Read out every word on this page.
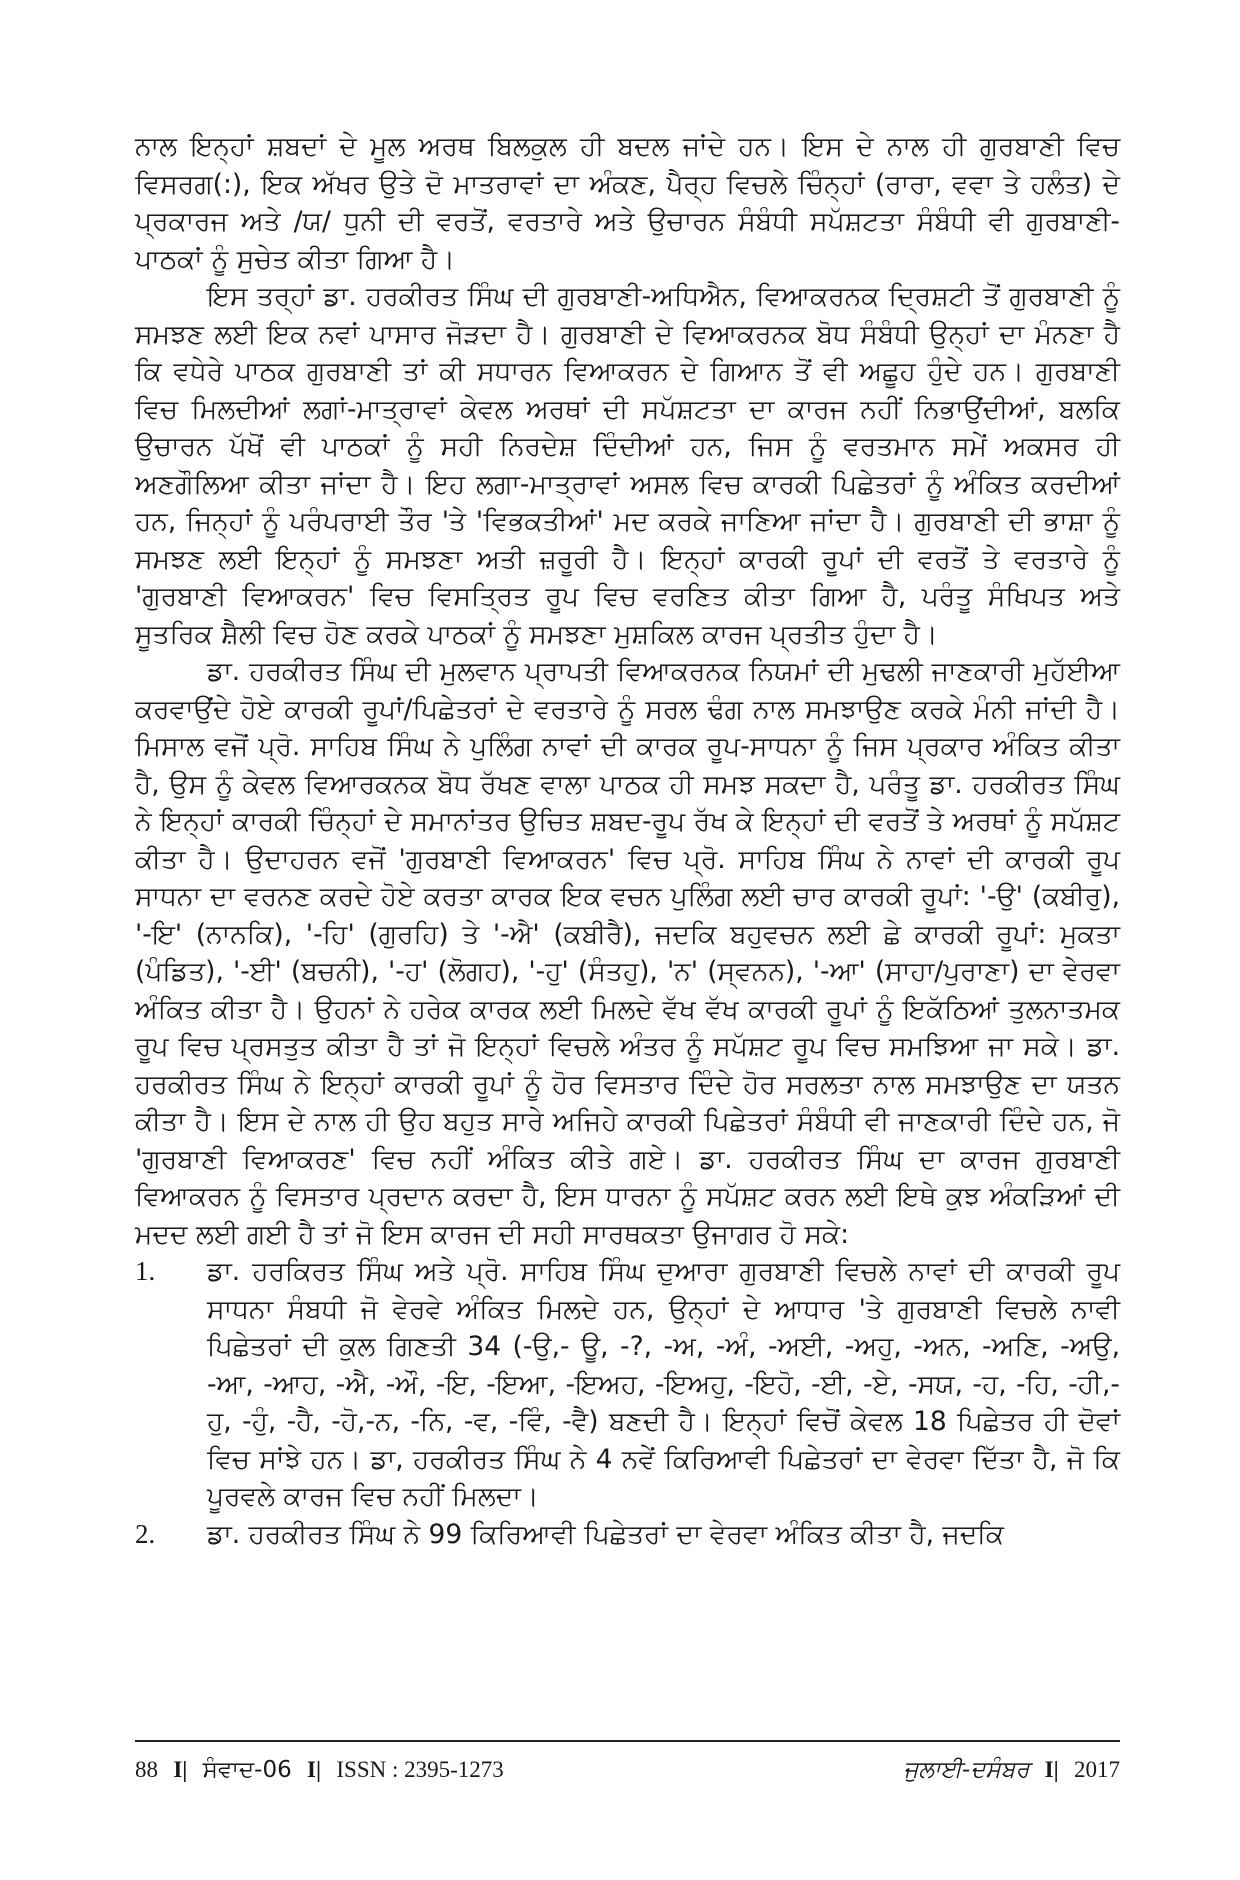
ਨਾਲ ਇਨ੍ਹਾਂ ਸ਼ਬਦਾਂ ਦੇ ਮੂਲ ਅਰਥ ਬਿਲਕੁਲ ਹੀ ਬਦਲ ਜਾਂਦੇ ਹਨ। ਇਸ ਦੇ ਨਾਲ ਹੀ ਗੁਰਬਾਣੀ ਵਿਚ ਵਿਸਰਗ(:), ਇਕ ਅੱਖਰ ਉਤੇ ਦੋ ਮਾਤਰਾਵਾਂ ਦਾ ਅੰਕਣ, ਪੈਰ੍ਹ ਵਿਚਲੇ ਚਿੰਨ੍ਹਾਂ (ਰਾਰਾ, ਵਵਾ ਤੇ ਹਲੰਤ) ਦੇ ਪ੍ਰਕਾਰਜ ਅਤੇ /ਯ/ ਧੁਨੀ ਦੀ ਵਰਤੋਂ, ਵਰਤਾਰੇ ਅਤੇ ਉਚਾਰਨ ਸੰਬੰਧੀ ਸਪੱਸ਼ਟਤਾ ਸੰਬੰਧੀ ਵੀ ਗੁਰਬਾਣੀ-ਪਾਠਕਾਂ ਨੂੰ ਸੁਚੇਤ ਕੀਤਾ ਗਿਆ ਹੈ।

ਇਸ ਤਰ੍ਹਾਂ ਡਾ. ਹਰਕੀਰਤ ਸਿੰਘ ਦੀ ਗੁਰਬਾਣੀ-ਅਧਿਐਨ, ਵਿਆਕਰਨਕ ਦ੍ਰਿਸ਼ਟੀ ਤੋਂ ਗੁਰਬਾਣੀ ਨੂੰ ਸਮਝਣ ਲਈ ਇਕ ਨਵਾਂ ਪਾਸਾਰ ਜੋੜਦਾ ਹੈ। ਗੁਰਬਾਣੀ ਦੇ ਵਿਆਕਰਨਕ ਬੋਧ ਸੰਬੰਧੀ ਉਨ੍ਹਾਂ ਦਾ ਮੰਨਣਾ ਹੈ ਕਿ ਵਧੇਰੇ ਪਾਠਕ ਗੁਰਬਾਣੀ ਤਾਂ ਕੀ ਸਧਾਰਨ ਵਿਆਕਰਨ ਦੇ ਗਿਆਨ ਤੋਂ ਵੀ ਅਛੂਹ ਹੁੰਦੇ ਹਨ। ਗੁਰਬਾਣੀ ਵਿਚ ਮਿਲਦੀਆਂ ਲਗਾਂ-ਮਾਤ੍ਰਾਵਾਂ ਕੇਵਲ ਅਰਥਾਂ ਦੀ ਸਪੱਸ਼ਟਤਾ ਦਾ ਕਾਰਜ ਨਹੀਂ ਨਿਭਾਉਂਦੀਆਂ, ਬਲਕਿ ਉਚਾਰਨ ਪੱਖੋਂ ਵੀ ਪਾਠਕਾਂ ਨੂੰ ਸਹੀ ਨਿਰਦੇਸ਼ ਦਿੰਦੀਆਂ ਹਨ, ਜਿਸ ਨੂੰ ਵਰਤਮਾਨ ਸਮੇਂ ਅਕਸਰ ਹੀ ਅਣਗੌਲਿਆ ਕੀਤਾ ਜਾਂਦਾ ਹੈ। ਇਹ ਲਗਾ-ਮਾਤ੍ਰਾਵਾਂ ਅਸਲ ਵਿਚ ਕਾਰਕੀ ਪਿਛੇਤਰਾਂ ਨੂੰ ਅੰਕਿਤ ਕਰਦੀਆਂ ਹਨ, ਜਿਨ੍ਹਾਂ ਨੂੰ ਪਰੰਪਰਾਈ ਤੌਰ 'ਤੇ 'ਵਿਭਕਤੀਆਂ' ਮਦ ਕਰਕੇ ਜਾਣਿਆ ਜਾਂਦਾ ਹੈ। ਗੁਰਬਾਣੀ ਦੀ ਭਾਸ਼ਾ ਨੂੰ ਸਮਝਣ ਲਈ ਇਨ੍ਹਾਂ ਨੂੰ ਸਮਝਣਾ ਅਤੀ ਜ਼ਰੂਰੀ ਹੈ। ਇਨ੍ਹਾਂ ਕਾਰਕੀ ਰੂਪਾਂ ਦੀ ਵਰਤੋਂ ਤੇ ਵਰਤਾਰੇ ਨੂੰ 'ਗੁਰਬਾਣੀ ਵਿਆਕਰਨ' ਵਿਚ ਵਿਸਤ੍ਰਿਤ ਰੂਪ ਵਿਚ ਵਰਣਿਤ ਕੀਤਾ ਗਿਆ ਹੈ, ਪਰੰਤੂ ਸੰਖਿਪਤ ਅਤੇ ਸੂਤਰਿਕ ਸ਼ੈਲੀ ਵਿਚ ਹੋਣ ਕਰਕੇ ਪਾਠਕਾਂ ਨੂੰ ਸਮਝਣਾ ਮੁਸ਼ਕਿਲ ਕਾਰਜ ਪ੍ਰਤੀਤ ਹੁੰਦਾ ਹੈ।

ਡਾ. ਹਰਕੀਰਤ ਸਿੰਘ ਦੀ ਮੁਲਵਾਨ ਪ੍ਰਾਪਤੀ ਵਿਆਕਰਨਕ ਨਿਯਮਾਂ ਦੀ ਮੁਢਲੀ ਜਾਣਕਾਰੀ ਮੁਹੱਈਆ ਕਰਵਾਉਂਦੇ ਹੋਏ ਕਾਰਕੀ ਰੂਪਾਂ/ਪਿਛੇਤਰਾਂ ਦੇ ਵਰਤਾਰੇ ਨੂੰ ਸਰਲ ਢੰਗ ਨਾਲ ਸਮਝਾਉਣ ਕਰਕੇ ਮੰਨੀ ਜਾਂਦੀ ਹੈ। ਮਿਸਾਲ ਵਜੋਂ ਪ੍ਰੋ. ਸਾਹਿਬ ਸਿੰਘ ਨੇ ਪੁਲਿੰਗ ਨਾਵਾਂ ਦੀ ਕਾਰਕ ਰੂਪ-ਸਾਧਨਾ ਨੂੰ ਜਿਸ ਪ੍ਰਕਾਰ ਅੰਕਿਤ ਕੀਤਾ ਹੈ, ਉਸ ਨੂੰ ਕੇਵਲ ਵਿਆਰਕਨਕ ਬੋਧ ਰੱਖਣ ਵਾਲਾ ਪਾਠਕ ਹੀ ਸਮਝ ਸਕਦਾ ਹੈ, ਪਰੰਤੂ ਡਾ. ਹਰਕੀਰਤ ਸਿੰਘ ਨੇ ਇਨ੍ਹਾਂ ਕਾਰਕੀ ਚਿੰਨ੍ਹਾਂ ਦੇ ਸਮਾਨਾਂਤਰ ਉਚਿਤ ਸ਼ਬਦ-ਰੂਪ ਰੱਖ ਕੇ ਇਨ੍ਹਾਂ ਦੀ ਵਰਤੋਂ ਤੇ ਅਰਥਾਂ ਨੂੰ ਸਪੱਸ਼ਟ ਕੀਤਾ ਹੈ। ਉਦਾਹਰਨ ਵਜੋਂ 'ਗੁਰਬਾਣੀ ਵਿਆਕਰਨ' ਵਿਚ ਪ੍ਰੋ. ਸਾਹਿਬ ਸਿੰਘ ਨੇ ਨਾਵਾਂ ਦੀ ਕਾਰਕੀ ਰੂਪ ਸਾਧਨਾ ਦਾ ਵਰਨਣ ਕਰਦੇ ਹੋਏ ਕਰਤਾ ਕਾਰਕ ਇਕ ਵਚਨ ਪੁਲਿੰਗ ਲਈ ਚਾਰ ਕਾਰਕੀ ਰੂਪਾਂ: '-ਉ' (ਕਬੀਰੁ), '-ਇ' (ਨਾਨਕਿ), '-ਹਿ' (ਗੁਰਹਿ) ਤੇ '-ਐ' (ਕਬੀਰੈ), ਜਦਕਿ ਬਹੁਵਚਨ ਲਈ ਛੇ ਕਾਰਕੀ ਰੂਪਾਂ: ਮੁਕਤਾ (ਪੰਡਿਤ), '-ਈ' (ਬਚਨੀ), '-ਹ' (ਲੋਗਹ), '-ਹੁ' (ਸੰਤਹੁ), 'ਨ' (ਸ੍ਵਨਨ), '-ਆ' (ਸਾਹਾ/ਪੁਰਾਣਾ) ਦਾ ਵੇਰਵਾ ਅੰਕਿਤ ਕੀਤਾ ਹੈ। ਉਹਨਾਂ ਨੇ ਹਰੇਕ ਕਾਰਕ ਲਈ ਮਿਲਦੇ ਵੱਖ ਵੱਖ ਕਾਰਕੀ ਰੂਪਾਂ ਨੂੰ ਇਕੱਠਿਆਂ ਤੁਲਨਾਤਮਕ ਰੂਪ ਵਿਚ ਪ੍ਰਸਤੁਤ ਕੀਤਾ ਹੈ ਤਾਂ ਜੋ ਇਨ੍ਹਾਂ ਵਿਚਲੇ ਅੰਤਰ ਨੂੰ ਸਪੱਸ਼ਟ ਰੂਪ ਵਿਚ ਸਮਝਿਆ ਜਾ ਸਕੇ। ਡਾ. ਹਰਕੀਰਤ ਸਿੰਘ ਨੇ ਇਨ੍ਹਾਂ ਕਾਰਕੀ ਰੂਪਾਂ ਨੂੰ ਹੋਰ ਵਿਸਤਾਰ ਦਿੰਦੇ ਹੋਰ ਸਰਲਤਾ ਨਾਲ ਸਮਝਾਉਣ ਦਾ ਯਤਨ ਕੀਤਾ ਹੈ। ਇਸ ਦੇ ਨਾਲ ਹੀ ਉਹ ਬਹੁਤ ਸਾਰੇ ਅਜਿਹੇ ਕਾਰਕੀ ਪਿਛੇਤਰਾਂ ਸੰਬੰਧੀ ਵੀ ਜਾਣਕਾਰੀ ਦਿੰਦੇ ਹਨ, ਜੋ 'ਗੁਰਬਾਣੀ ਵਿਆਕਰਣ' ਵਿਚ ਨਹੀਂ ਅੰਕਿਤ ਕੀਤੇ ਗਏ। ਡਾ. ਹਰਕੀਰਤ ਸਿੰਘ ਦਾ ਕਾਰਜ ਗੁਰਬਾਣੀ ਵਿਆਕਰਨ ਨੂੰ ਵਿਸਤਾਰ ਪ੍ਰਦਾਨ ਕਰਦਾ ਹੈ, ਇਸ ਧਾਰਨਾ ਨੂੰ ਸਪੱਸ਼ਟ ਕਰਨ ਲਈ ਇਥੇ ਕੁਝ ਅੰਕੜਿਆਂ ਦੀ ਮਦਦ ਲਈ ਗਈ ਹੈ ਤਾਂ ਜੋ ਇਸ ਕਾਰਜ ਦੀ ਸਹੀ ਸਾਰਥਕਤਾ ਉਜਾਗਰ ਹੋ ਸਕੇ:

1. ਡਾ. ਹਰਕਿਰਤ ਸਿੰਘ ਅਤੇ ਪ੍ਰੋ. ਸਾਹਿਬ ਸਿੰਘ ਦੁਆਰਾ ਗੁਰਬਾਣੀ ਵਿਚਲੇ ਨਾਵਾਂ ਦੀ ਕਾਰਕੀ ਰੂਪ ਸਾਧਨਾ ਸੰਬਧੀ ਜੋ ਵੇਰਵੇ ਅੰਕਿਤ ਮਿਲਦੇ ਹਨ, ਉਨ੍ਹਾਂ ਦੇ ਆਧਾਰ 'ਤੇ ਗੁਰਬਾਣੀ ਵਿਚਲੇ ਨਾਵੀ ਪਿਛੇਤਰਾਂ ਦੀ ਕੁਲ ਗਿਣਤੀ 34 (-ਉ,- ਊ, -?, -ਅ, -ਅੰ, -ਅਈ, -ਅਹੁ, -ਅਨ, -ਅਣਿ, -ਅਉ, -ਆ, -ਆਹ, -ਐ, -ਔ, -ਇ, -ਇਆ, -ਇਅਹ, -ਇਅਹੁ, -ਇਹੋ, -ਈ, -ਏ, -ਸਯ, -ਹ, -ਹਿ, -ਹੀ,-ਹੁ, -ਹੁੰ, -ਹੈ, -ਹੋ,-ਨ, -ਨਿ, -ਵ, -ਵਿੰ, -ਵੈ) ਬਣਦੀ ਹੈ। ਇਨ੍ਹਾਂ ਵਿਚੋਂ ਕੇਵਲ 18 ਪਿਛੇਤਰ ਹੀ ਦੋਵਾਂ ਵਿਚ ਸਾਂਝੇ ਹਨ। ਡਾ, ਹਰਕੀਰਤ ਸਿੰਘ ਨੇ 4 ਨਵੇਂ ਕਿਰਿਆਵੀ ਪਿਛੇਤਰਾਂ ਦਾ ਵੇਰਵਾ ਦਿੱਤਾ ਹੈ, ਜੋ ਕਿ ਪੂਰਵਲੇ ਕਾਰਜ ਵਿਚ ਨਹੀਂ ਮਿਲਦਾ।
2. ਡਾ. ਹਰਕੀਰਤ ਸਿੰਘ ਨੇ 99 ਕਿਰਿਆਵੀ ਪਿਛੇਤਰਾਂ ਦਾ ਵੇਰਵਾ ਅੰਕਿਤ ਕੀਤਾ ਹੈ, ਜਦਕਿ
88 I| ਸੰਵਾਦ-06 I| ISSN : 2395-1273	ਜੁਲਾਈ-ਦਸੰਬਰ I| 2017
